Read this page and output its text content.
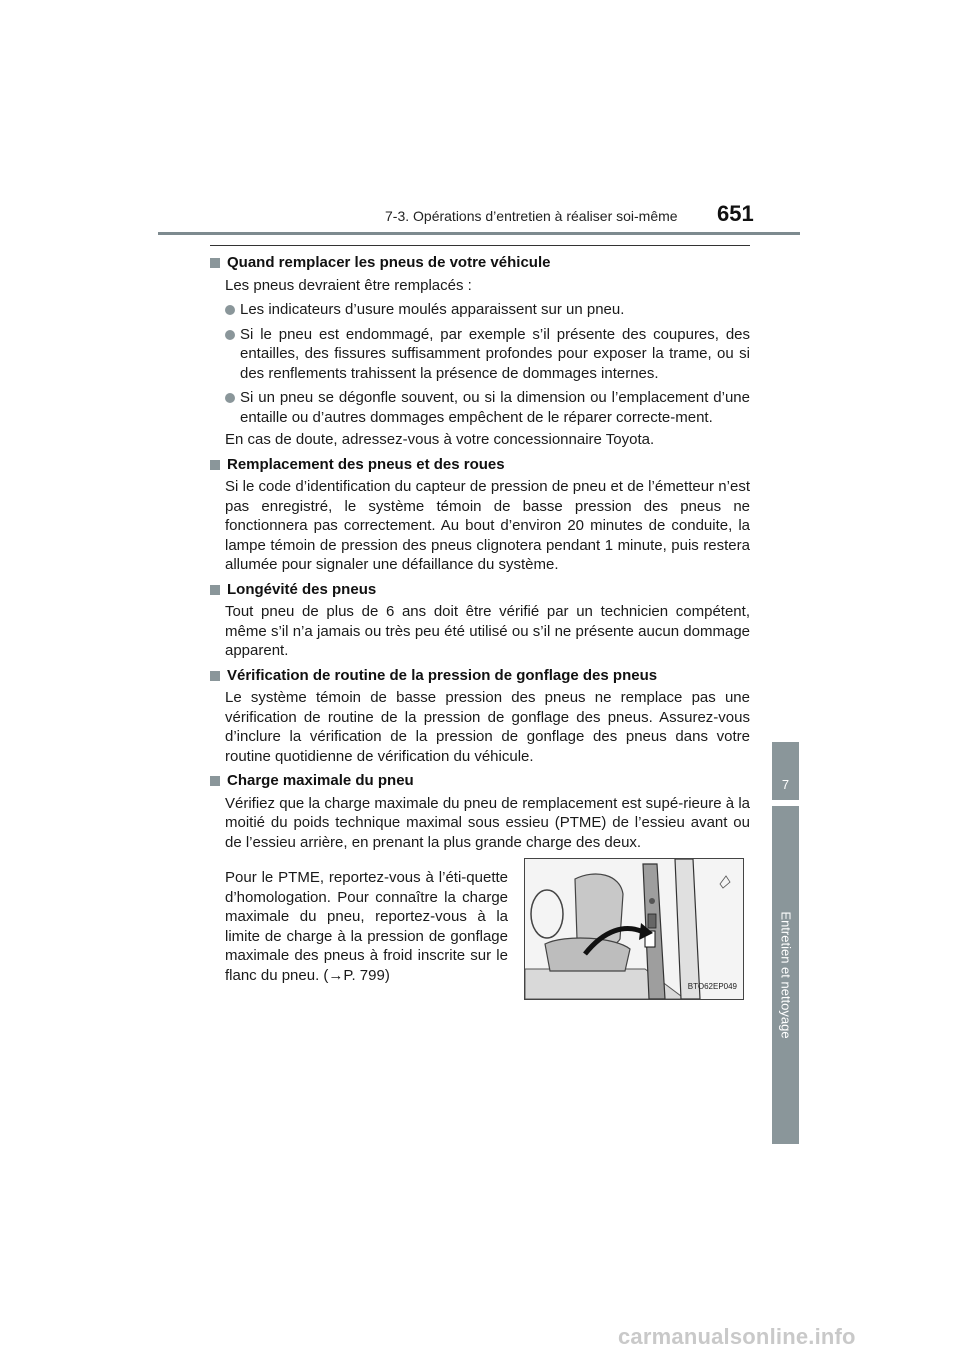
7-3. Opérations d’entretien à réaliser soi-même 651
7
Entretien et nettoyage
Quand remplacer les pneus de votre véhicule
Les pneus devraient être remplacés :
Les indicateurs d’usure moulés apparaissent sur un pneu.
Si le pneu est endommagé, par exemple s’il présente des coupures, des entailles, des fissures suffisamment profondes pour exposer la trame, ou si des renflements trahissent la présence de dommages internes.
Si un pneu se dégonfle souvent, ou si la dimension ou l’emplacement d’une entaille ou d’autres dommages empêchent de le réparer correcte-ment.
En cas de doute, adressez-vous à votre concessionnaire Toyota.
Remplacement des pneus et des roues
Si le code d’identification du capteur de pression de pneu et de l’émetteur n’est pas enregistré, le système témoin de basse pression des pneus ne fonctionnera pas correctement. Au bout d’environ 20 minutes de conduite, la lampe témoin de pression des pneus clignotera pendant 1 minute, puis restera allumée pour signaler une défaillance du système.
Longévité des pneus
Tout pneu de plus de 6 ans doit être vérifié par un technicien compétent, même s’il n’a jamais ou très peu été utilisé ou s’il ne présente aucun dommage apparent.
Vérification de routine de la pression de gonflage des pneus
Le système témoin de basse pression des pneus ne remplace pas une vérification de routine de la pression de gonflage des pneus. Assurez-vous d’inclure la vérification de la pression de gonflage des pneus dans votre routine quotidienne de vérification du véhicule.
Charge maximale du pneu
Vérifiez que la charge maximale du pneu de remplacement est supé-rieure à la moitié du poids technique maximal sous essieu (PTME) de l’essieu avant ou de l’essieu arrière, en prenant la plus grande charge des deux.
Pour le PTME, reportez-vous à l’éti-quette d’homologation. Pour connaître la charge maximale du pneu, reportez-vous à la limite de charge à la pression de gonflage maximale des pneus à froid inscrite sur le flanc du pneu. (→P. 799)
BTO62EP049
carmanualsonline.info
